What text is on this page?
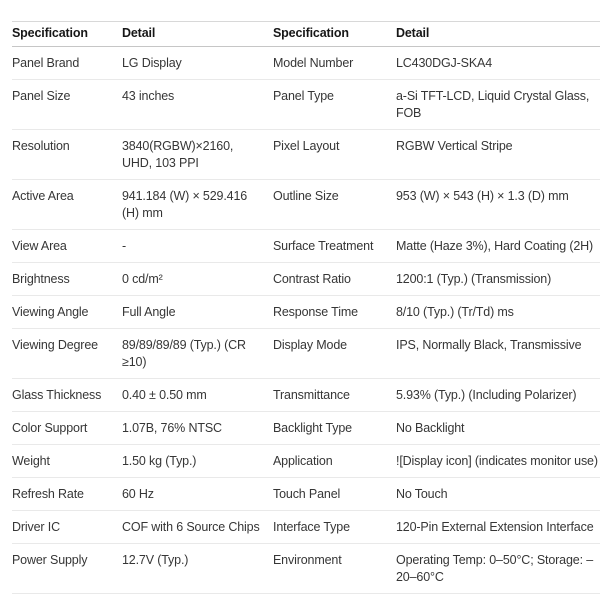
Specification	Detail	Specification	Detail
Panel Brand	LG Display	Model Number	LC430DGJ-SKA4
Panel Size	43 inches	Panel Type	a-Si TFT-LCD, Liquid Crystal Glass, FOB
Resolution	3840(RGBW)×2160, UHD, 103 PPI	Pixel Layout	RGBW Vertical Stripe
Active Area	941.184 (W) × 529.416 (H) mm	Outline Size	953 (W) × 543 (H) × 1.3 (D) mm
View Area	-	Surface Treatment	Matte (Haze 3%), Hard Coating (2H)
Brightness	0 cd/m²	Contrast Ratio	1200:1 (Typ.) (Transmission)
Viewing Angle	Full Angle	Response Time	8/10 (Typ.) (Tr/Td) ms
Viewing Degree	89/89/89/89 (Typ.) (CR ≥10)	Display Mode	IPS, Normally Black, Transmissive
Glass Thickness	0.40 ± 0.50 mm	Transmittance	5.93% (Typ.) (Including Polarizer)
Color Support	1.07B, 76% NTSC	Backlight Type	No Backlight
Weight	1.50 kg (Typ.)	Application	![Display icon] (indicates monitor use)
Refresh Rate	60 Hz	Touch Panel	No Touch
Driver IC	COF with 6 Source Chips	Interface Type	120-Pin External Extension Interface
Power Supply	12.7V (Typ.)	Environment	Operating Temp: 0–50°C; Storage: –20–60°C
